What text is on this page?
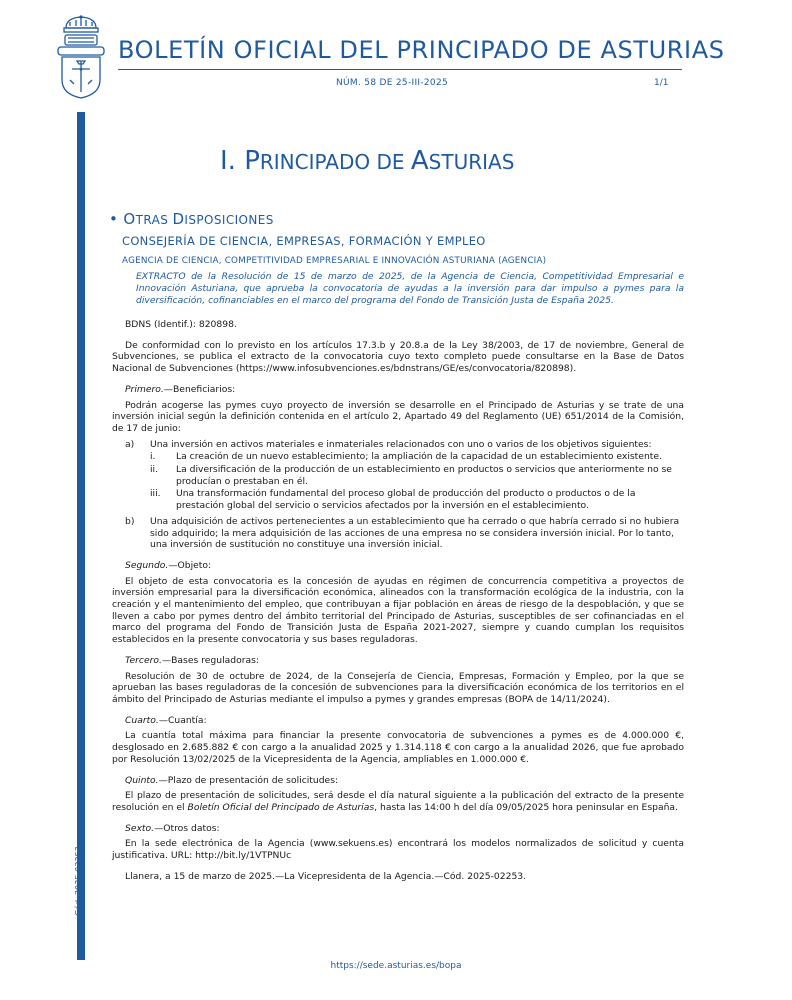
BOLETÍN OFICIAL DEL PRINCIPADO DE ASTURIAS
NÚM. 58 DE 25-III-2025	1/1
Cód. 2025-02253
I. PRINCIPADO DE ASTURIAS
• OTRAS DISPOSICIONES
CONSEJERÍA DE CIENCIA, EMPRESAS, FORMACIÓN Y EMPLEO
AGENCIA DE CIENCIA, COMPETITIVIDAD EMPRESARIAL E INNOVACIÓN ASTURIANA (AGENCIA)

EXTRACTO de la Resolución de 15 de marzo de 2025, de la Agencia de Ciencia, Competitividad Empresarial e Innovación Asturiana, que aprueba la convocatoria de ayudas a la inversión para dar impulso a pymes para la diversificación, cofinanciables en el marco del programa del Fondo de Transición Justa de España 2025.

BDNS (Identif.): 820898.

De conformidad con lo previsto en los artículos 17.3.b y 20.8.a de la Ley 38/2003, de 17 de noviembre, General de Subvenciones, se publica el extracto de la convocatoria cuyo texto completo puede consultarse en la Base de Datos Nacional de Subvenciones (https://www.infosubvenciones.es/bdnstrans/GE/es/convocatoria/820898).

Primero.—Beneficiarios:

Podrán acogerse las pymes cuyo proyecto de inversión se desarrolle en el Principado de Asturias y se trate de una inversión inicial según la definición contenida en el artículo 2, Apartado 49 del Reglamento (UE) 651/2014 de la Comisión, de 17 de junio:

a) Una inversión en activos materiales e inmateriales relacionados con uno o varios de los objetivos siguientes:
i. La creación de un nuevo establecimiento; la ampliación de la capacidad de un establecimiento existente.
ii. La diversificación de la producción de un establecimiento en productos o servicios que anteriormente no se producían o prestaban en él.
iii. Una transformación fundamental del proceso global de producción del producto o productos o de la prestación global del servicio o servicios afectados por la inversión en el establecimiento.
b) Una adquisición de activos pertenecientes a un establecimiento que ha cerrado o que habría cerrado si no hubiera sido adquirido; la mera adquisición de las acciones de una empresa no se considera inversión inicial. Por lo tanto, una inversión de sustitución no constituye una inversión inicial.

Segundo.—Objeto:

El objeto de esta convocatoria es la concesión de ayudas en régimen de concurrencia competitiva a proyectos de inversión empresarial para la diversificación económica, alineados con la transformación ecológica de la industria, con la creación y el mantenimiento del empleo, que contribuyan a fijar población en áreas de riesgo de la despoblación, y que se lleven a cabo por pymes dentro del ámbito territorial del Principado de Asturias, susceptibles de ser cofinanciadas en el marco del programa del Fondo de Transición Justa de España 2021-2027, siempre y cuando cumplan los requisitos establecidos en la presente convocatoria y sus bases reguladoras.

Tercero.—Bases reguladoras:

Resolución de 30 de octubre de 2024, de la Consejería de Ciencia, Empresas, Formación y Empleo, por la que se aprueban las bases reguladoras de la concesión de subvenciones para la diversificación económica de los territorios en el ámbito del Principado de Asturias mediante el impulso a pymes y grandes empresas (BOPA de 14/11/2024).

Cuarto.—Cuantía:

La cuantía total máxima para financiar la presente convocatoria de subvenciones a pymes es de 4.000.000 €, desglosado en 2.685.882 € con cargo a la anualidad 2025 y 1.314.118 € con cargo a la anualidad 2026, que fue aprobado por Resolución 13/02/2025 de la Vicepresidenta de la Agencia, ampliables en 1.000.000 €.

Quinto.—Plazo de presentación de solicitudes:

El plazo de presentación de solicitudes, será desde el día natural siguiente a la publicación del extracto de la presente resolución en el Boletín Oficial del Principado de Asturias, hasta las 14:00 h del día 09/05/2025 hora peninsular en España.

Sexto.—Otros datos:

En la sede electrónica de la Agencia (www.sekuens.es) encontrará los modelos normalizados de solicitud y cuenta justificativa. URL: http://bit.ly/1VTPNUc

Llanera, a 15 de marzo de 2025.—La Vicepresidenta de la Agencia.—Cód. 2025-02253.

https://sede.asturias.es/bopa
